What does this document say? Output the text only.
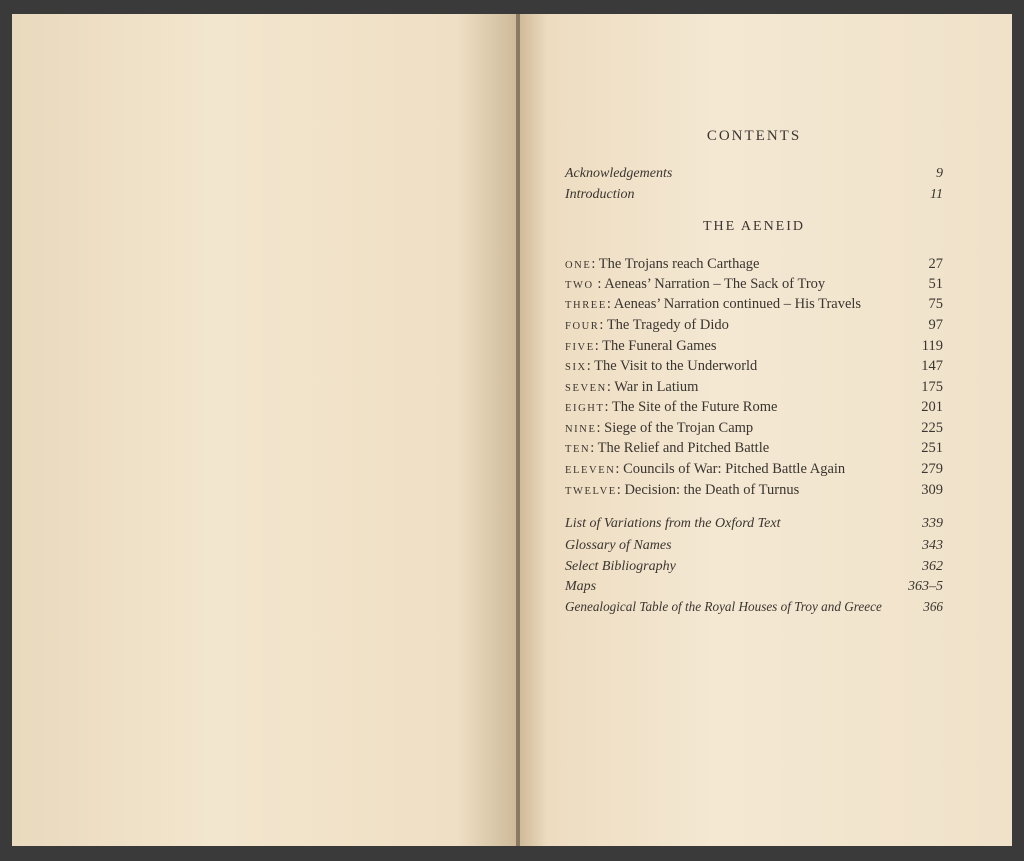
CONTENTS
Acknowledgements	9
Introduction	11
THE AENEID
ONE: The Trojans reach Carthage	27
TWO : Aeneas’ Narration – The Sack of Troy	51
THREE: Aeneas’ Narration continued – His Travels	75
FOUR: The Tragedy of Dido	97
FIVE: The Funeral Games	119
SIX: The Visit to the Underworld	147
SEVEN: War in Latium	175
EIGHT: The Site of the Future Rome	201
NINE: Siege of the Trojan Camp	225
TEN: The Relief and Pitched Battle	251
ELEVEN: Councils of War: Pitched Battle Again	279
TWELVE: Decision: the Death of Turnus	309
List of Variations from the Oxford Text	339
Glossary of Names	343
Select Bibliography	362
Maps	363–5
Genealogical Table of the Royal Houses of Troy and Greece	366
